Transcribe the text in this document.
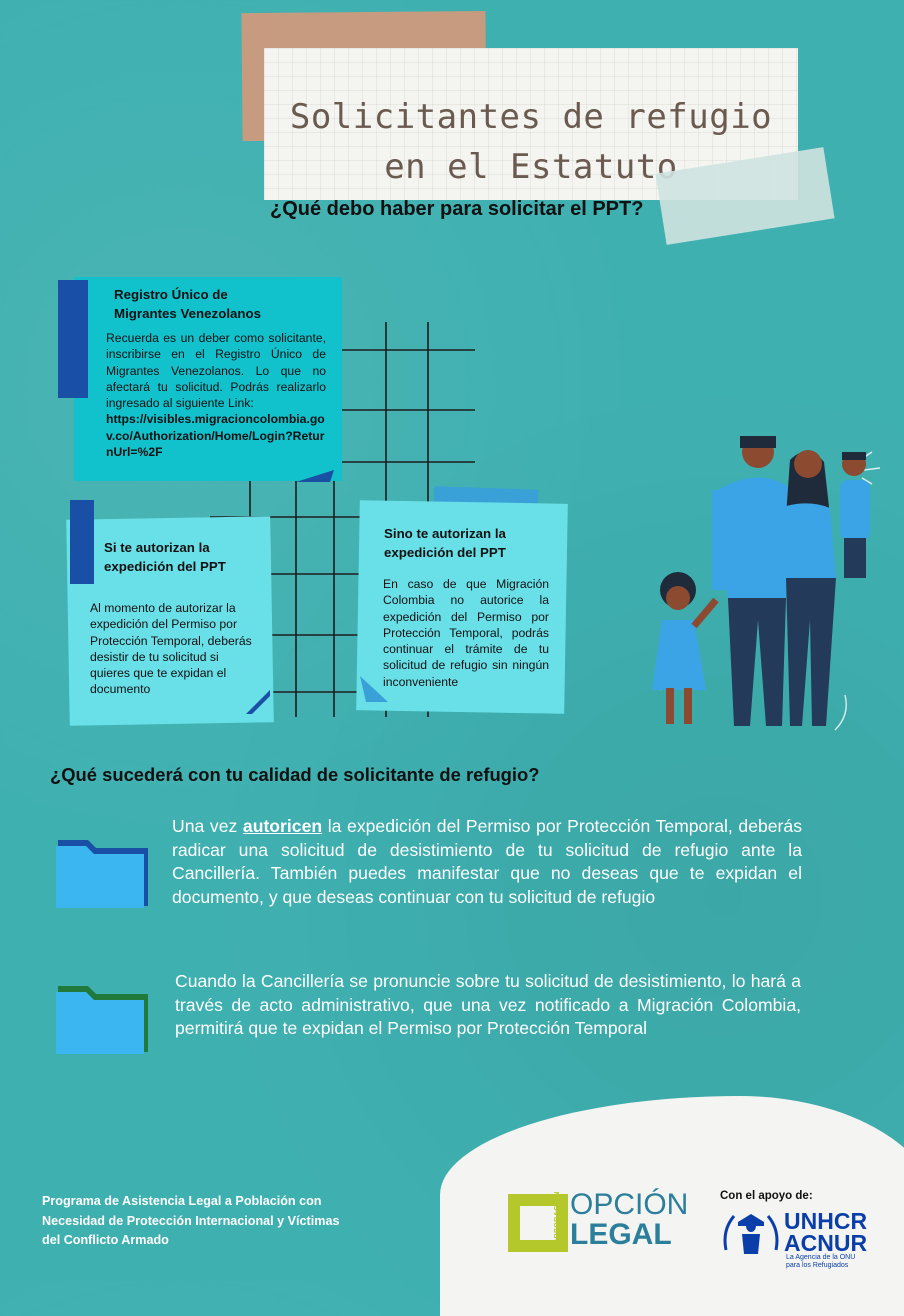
Solicitantes de refugio
en el Estatuto
¿Qué debo haber para solicitar el PPT?
Registro Único de
Migrantes Venezolanos
Recuerda es un deber como solicitante, inscribirse en el Registro Único de Migrantes Venezolanos. Lo que no afectará tu solicitud. Podrás realizarlo ingresado al siguiente Link:
https://visibles.migracioncolombia.gov.co/Authorization/Home/Login?ReturnUrl=%2F
Si te autorizan la
expedición del PPT
Al momento de autorizar la expedición del Permiso por Protección Temporal, deberás desistir de tu solicitud si quieres que te expidan el documento
Sino te autorizan la
expedición del PPT
En caso de que Migración Colombia no autorice la expedición del Permiso por Protección Temporal, podrás continuar el trámite de tu solicitud de refugio sin ningún inconveniente
¿Qué sucederá con tu calidad de solicitante de refugio?
Una vez autoricen la expedición del Permiso por Protección Temporal, deberás radicar una solicitud de desistimiento de tu solicitud de refugio ante la Cancillería. También puedes manifestar que no deseas que te expidan el documento, y que deseas continuar con tu solicitud de refugio
Cuando la Cancillería se pronuncie sobre tu solicitud de desistimiento, lo hará a través de acto administrativo, que una vez notificado a Migración Colombia, permitirá que te expidan el Permiso por Protección Temporal
Programa de Asistencia Legal a Población con
Necesidad de Protección Internacional y Víctimas
del Conflicto Armado	CORPORACIÓN OPCIÓN
LEGAL
Con el apoyo de:
UNHCR
ACNUR
La Agencia de la ONU
para los Refugiados
